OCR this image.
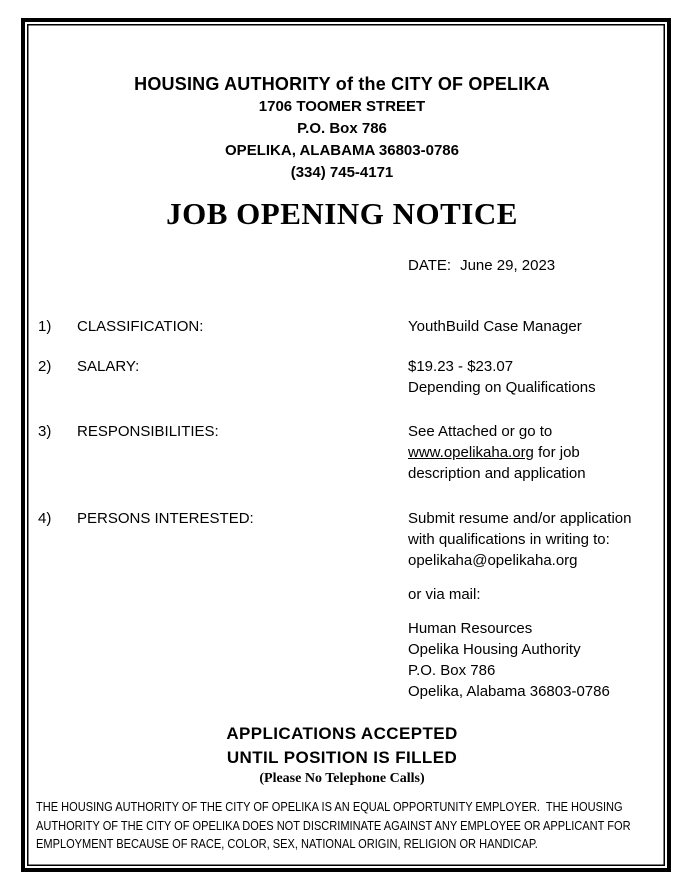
HOUSING AUTHORITY of the CITY OF OPELIKA
1706 TOOMER STREET
P.O. Box 786
OPELIKA, ALABAMA 36803-0786
(334) 745-4171
JOB OPENING NOTICE
DATE: June 29, 2023
1) CLASSIFICATION:	YouthBuild Case Manager
2) SALARY:	$19.23 - $23.07
Depending on Qualifications
3) RESPONSIBILITIES:	See Attached or go to
www.opelikaha.org for job
description and application
4) PERSONS INTERESTED:	Submit resume and/or application
with qualifications in writing to:
opelikaha@opelikaha.org
or via mail:
Human Resources
Opelika Housing Authority
P.O. Box 786
Opelika, Alabama 36803-0786
APPLICATIONS ACCEPTED
UNTIL POSITION IS FILLED
(Please No Telephone Calls)
THE HOUSING AUTHORITY OF THE CITY OF OPELIKA IS AN EQUAL OPPORTUNITY EMPLOYER.  THE HOUSING AUTHORITY OF THE CITY OF OPELIKA DOES NOT DISCRIMINATE AGAINST ANY EMPLOYEE OR APPLICANT FOR EMPLOYMENT BECAUSE OF RACE, COLOR, SEX, NATIONAL ORIGIN, RELIGION OR HANDICAP.
